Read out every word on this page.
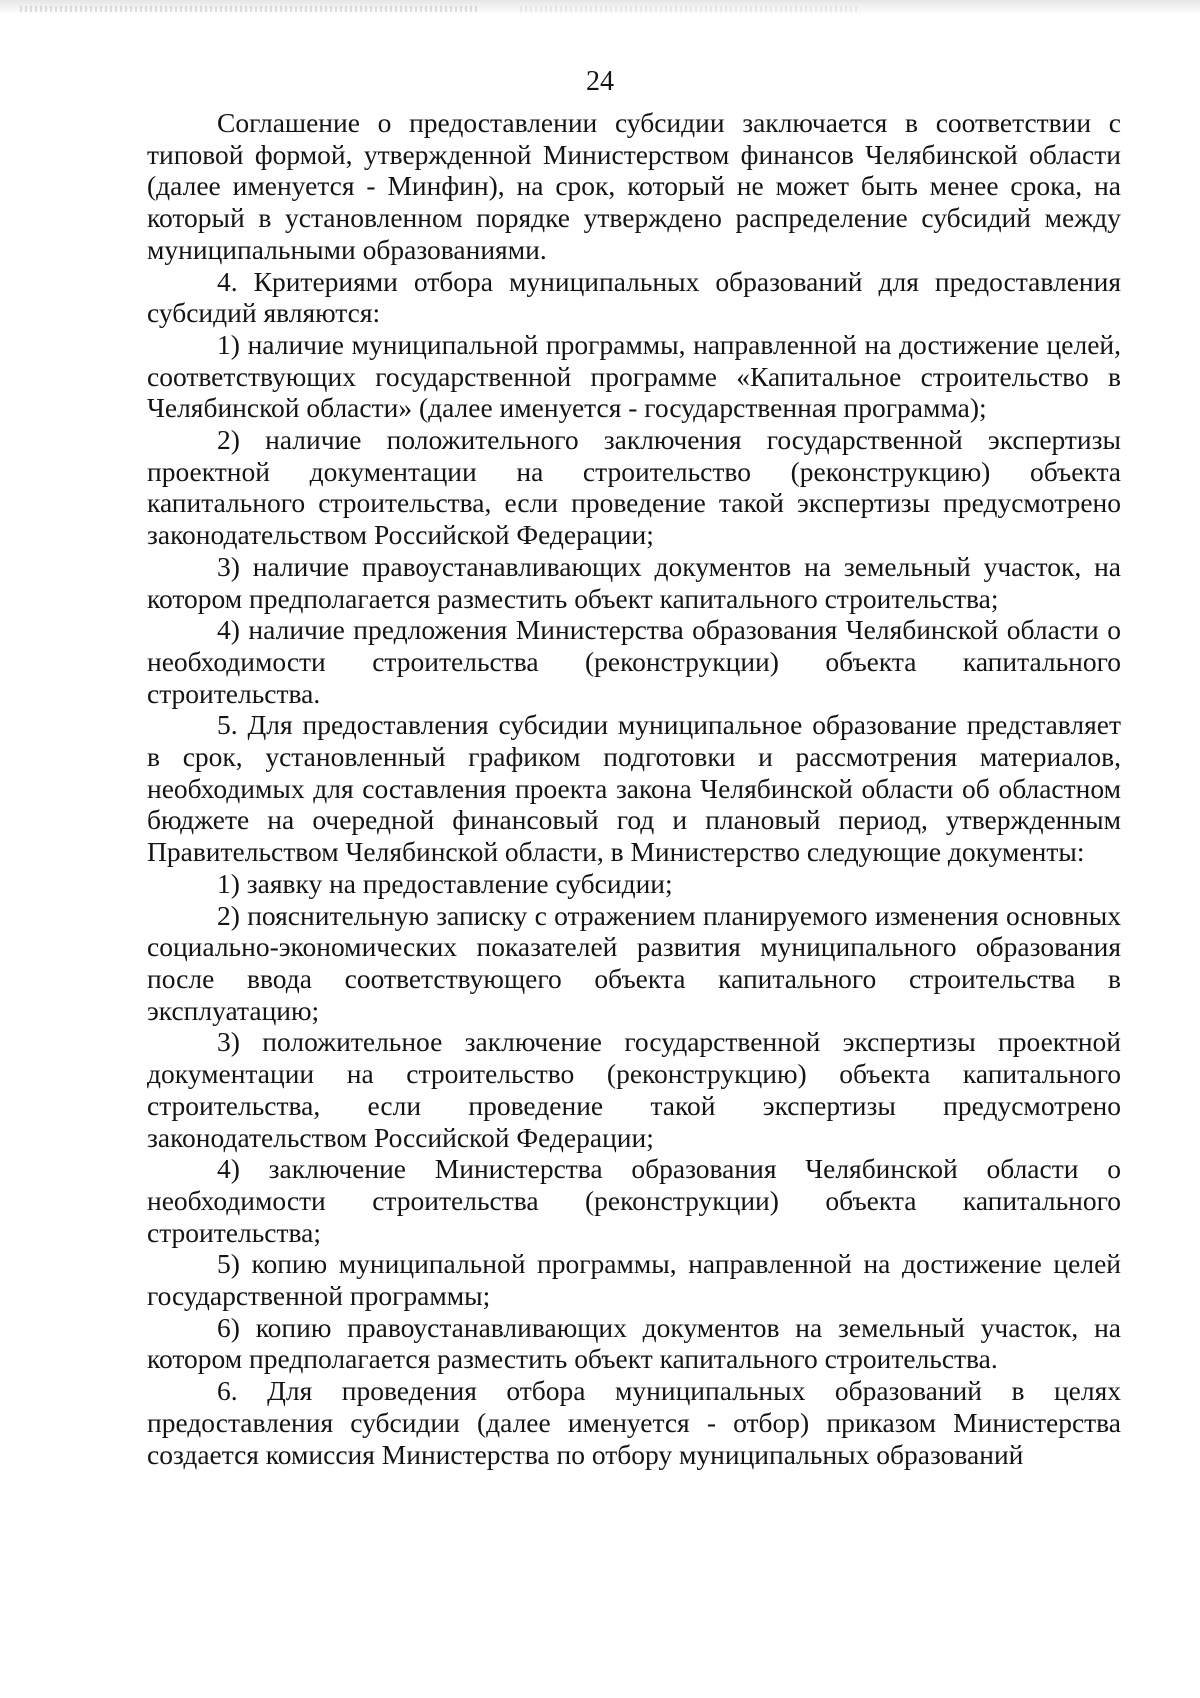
24

Соглашение о предоставлении субсидии заключается в соответствии с типовой формой, утвержденной Министерством финансов Челябинской области (далее именуется - Минфин), на срок, который не может быть менее срока, на который в установленном порядке утверждено распределение субсидий между муниципальными образованиями.

4. Критериями отбора муниципальных образований для предоставления субсидий являются:

1) наличие муниципальной программы, направленной на достижение целей, соответствующих государственной программе «Капитальное строительство в Челябинской области» (далее именуется - государственная программа);

2) наличие положительного заключения государственной экспертизы проектной документации на строительство (реконструкцию) объекта капитального строительства, если проведение такой экспертизы предусмотрено законодательством Российской Федерации;

3) наличие правоустанавливающих документов на земельный участок, на котором предполагается разместить объект капитального строительства;

4) наличие предложения Министерства образования Челябинской области о необходимости строительства (реконструкции) объекта капитального строительства.

5. Для предоставления субсидии муниципальное образование представляет в срок, установленный графиком подготовки и рассмотрения материалов, необходимых для составления проекта закона Челябинской области об областном бюджете на очередной финансовый год и плановый период, утвержденным Правительством Челябинской области, в Министерство следующие документы:

1) заявку на предоставление субсидии;

2) пояснительную записку с отражением планируемого изменения основных социально-экономических показателей развития муниципального образования после ввода соответствующего объекта капитального строительства в эксплуатацию;

3) положительное заключение государственной экспертизы проектной документации на строительство (реконструкцию) объекта капитального строительства, если проведение такой экспертизы предусмотрено законодательством Российской Федерации;

4) заключение Министерства образования Челябинской области о необходимости строительства (реконструкции) объекта капитального строительства;

5) копию муниципальной программы, направленной на достижение целей государственной программы;

6) копию правоустанавливающих документов на земельный участок, на котором предполагается разместить объект капитального строительства.

6. Для проведения отбора муниципальных образований в целях предоставления субсидии (далее именуется - отбор) приказом Министерства создается комиссия Министерства по отбору муниципальных образований
